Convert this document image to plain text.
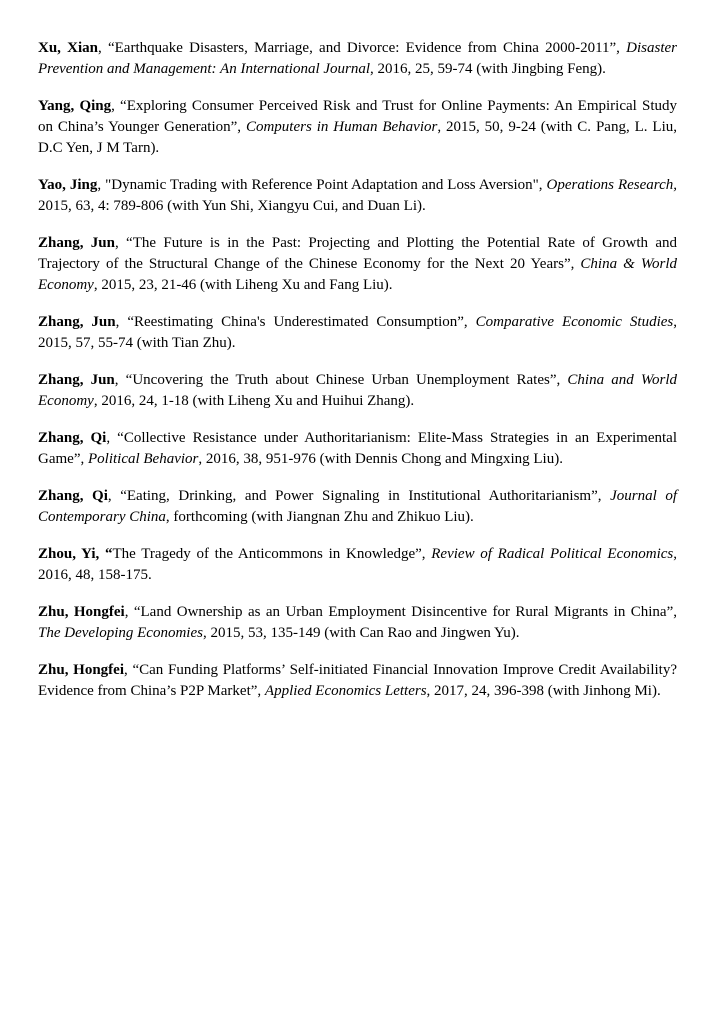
Xu, Xian, “Earthquake Disasters, Marriage, and Divorce: Evidence from China 2000-2011”, Disaster Prevention and Management: An International Journal, 2016, 25, 59-74 (with Jingbing Feng).

Yang, Qing, “Exploring Consumer Perceived Risk and Trust for Online Payments: An Empirical Study on China’s Younger Generation”, Computers in Human Behavior, 2015, 50, 9-24 (with C. Pang, L. Liu, D.C Yen, J M Tarn).

Yao, Jing, "Dynamic Trading with Reference Point Adaptation and Loss Aversion", Operations Research, 2015, 63, 4: 789-806 (with Yun Shi, Xiangyu Cui, and Duan Li).

Zhang, Jun, “The Future is in the Past: Projecting and Plotting the Potential Rate of Growth and Trajectory of the Structural Change of the Chinese Economy for the Next 20 Years”, China & World Economy, 2015, 23, 21-46 (with Liheng Xu and Fang Liu).

Zhang, Jun, “Reestimating China's Underestimated Consumption”, Comparative Economic Studies, 2015, 57, 55-74 (with Tian Zhu).

Zhang, Jun, “Uncovering the Truth about Chinese Urban Unemployment Rates”, China and World Economy, 2016, 24, 1-18 (with Liheng Xu and Huihui Zhang).

Zhang, Qi, “Collective Resistance under Authoritarianism: Elite-Mass Strategies in an Experimental Game”, Political Behavior, 2016, 38, 951-976 (with Dennis Chong and Mingxing Liu).

Zhang, Qi, “Eating, Drinking, and Power Signaling in Institutional Authoritarianism”, Journal of Contemporary China, forthcoming (with Jiangnan Zhu and Zhikuo Liu).

Zhou, Yi, “The Tragedy of the Anticommons in Knowledge”, Review of Radical Political Economics, 2016, 48, 158-175.

Zhu, Hongfei, “Land Ownership as an Urban Employment Disincentive for Rural Migrants in China”, The Developing Economies, 2015, 53, 135-149 (with Can Rao and Jingwen Yu).

Zhu, Hongfei, “Can Funding Platforms’ Self-initiated Financial Innovation Improve Credit Availability? Evidence from China’s P2P Market”, Applied Economics Letters, 2017, 24, 396-398 (with Jinhong Mi).
